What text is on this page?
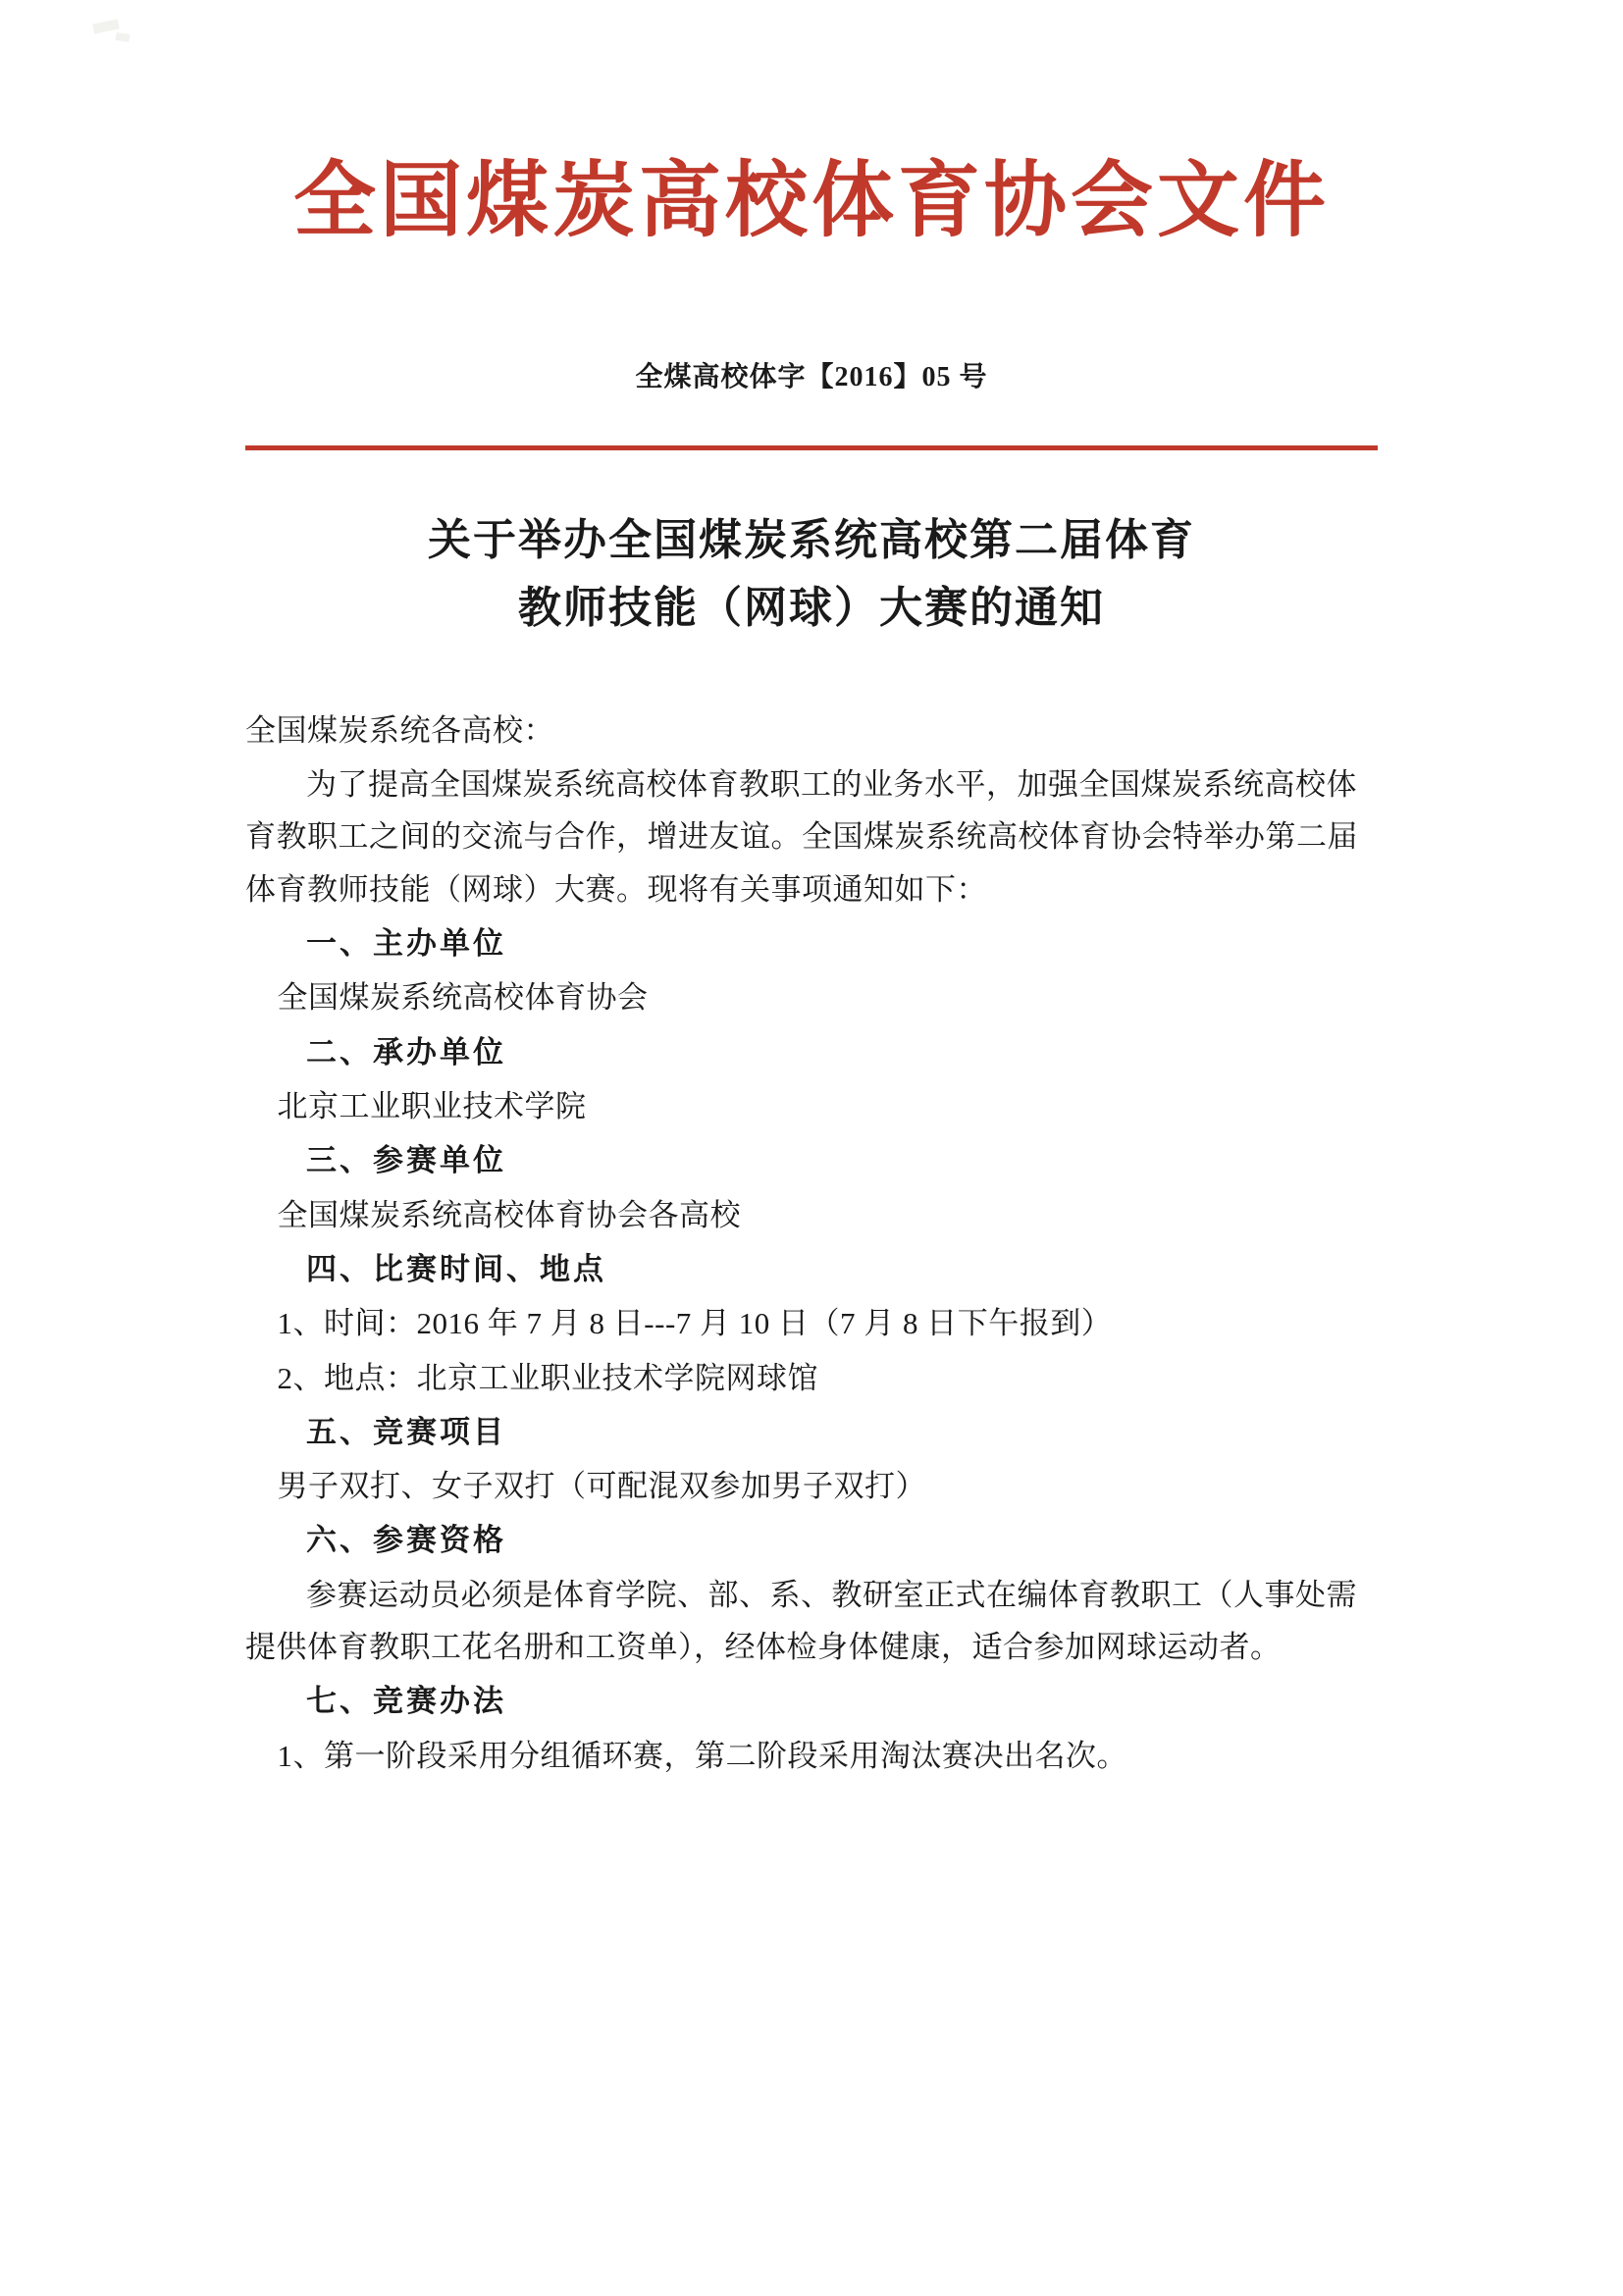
全国煤炭高校体育协会文件
全煤高校体字【2016】05 号
关于举办全国煤炭系统高校第二届体育
教师技能（网球）大赛的通知

全国煤炭系统各高校：

为了提高全国煤炭系统高校体育教职工的业务水平，加强全国煤炭系统高校体育教职工之间的交流与合作，增进友谊。全国煤炭系统高校体育协会特举办第二届体育教师技能（网球）大赛。现将有关事项通知如下：

一、主办单位

全国煤炭系统高校体育协会

二、承办单位

北京工业职业技术学院

三、参赛单位

全国煤炭系统高校体育协会各高校

四、比赛时间、地点

1、时间：2016 年 7 月 8 日---7 月 10 日（7 月 8 日下午报到）

2、地点：北京工业职业技术学院网球馆

五、竞赛项目

男子双打、女子双打（可配混双参加男子双打）

六、参赛资格

参赛运动员必须是体育学院、部、系、教研室正式在编体育教职工（人事处需提供体育教职工花名册和工资单），经体检身体健康，适合参加网球运动者。

七、竞赛办法

1、第一阶段采用分组循环赛，第二阶段采用淘汰赛决出名次。
